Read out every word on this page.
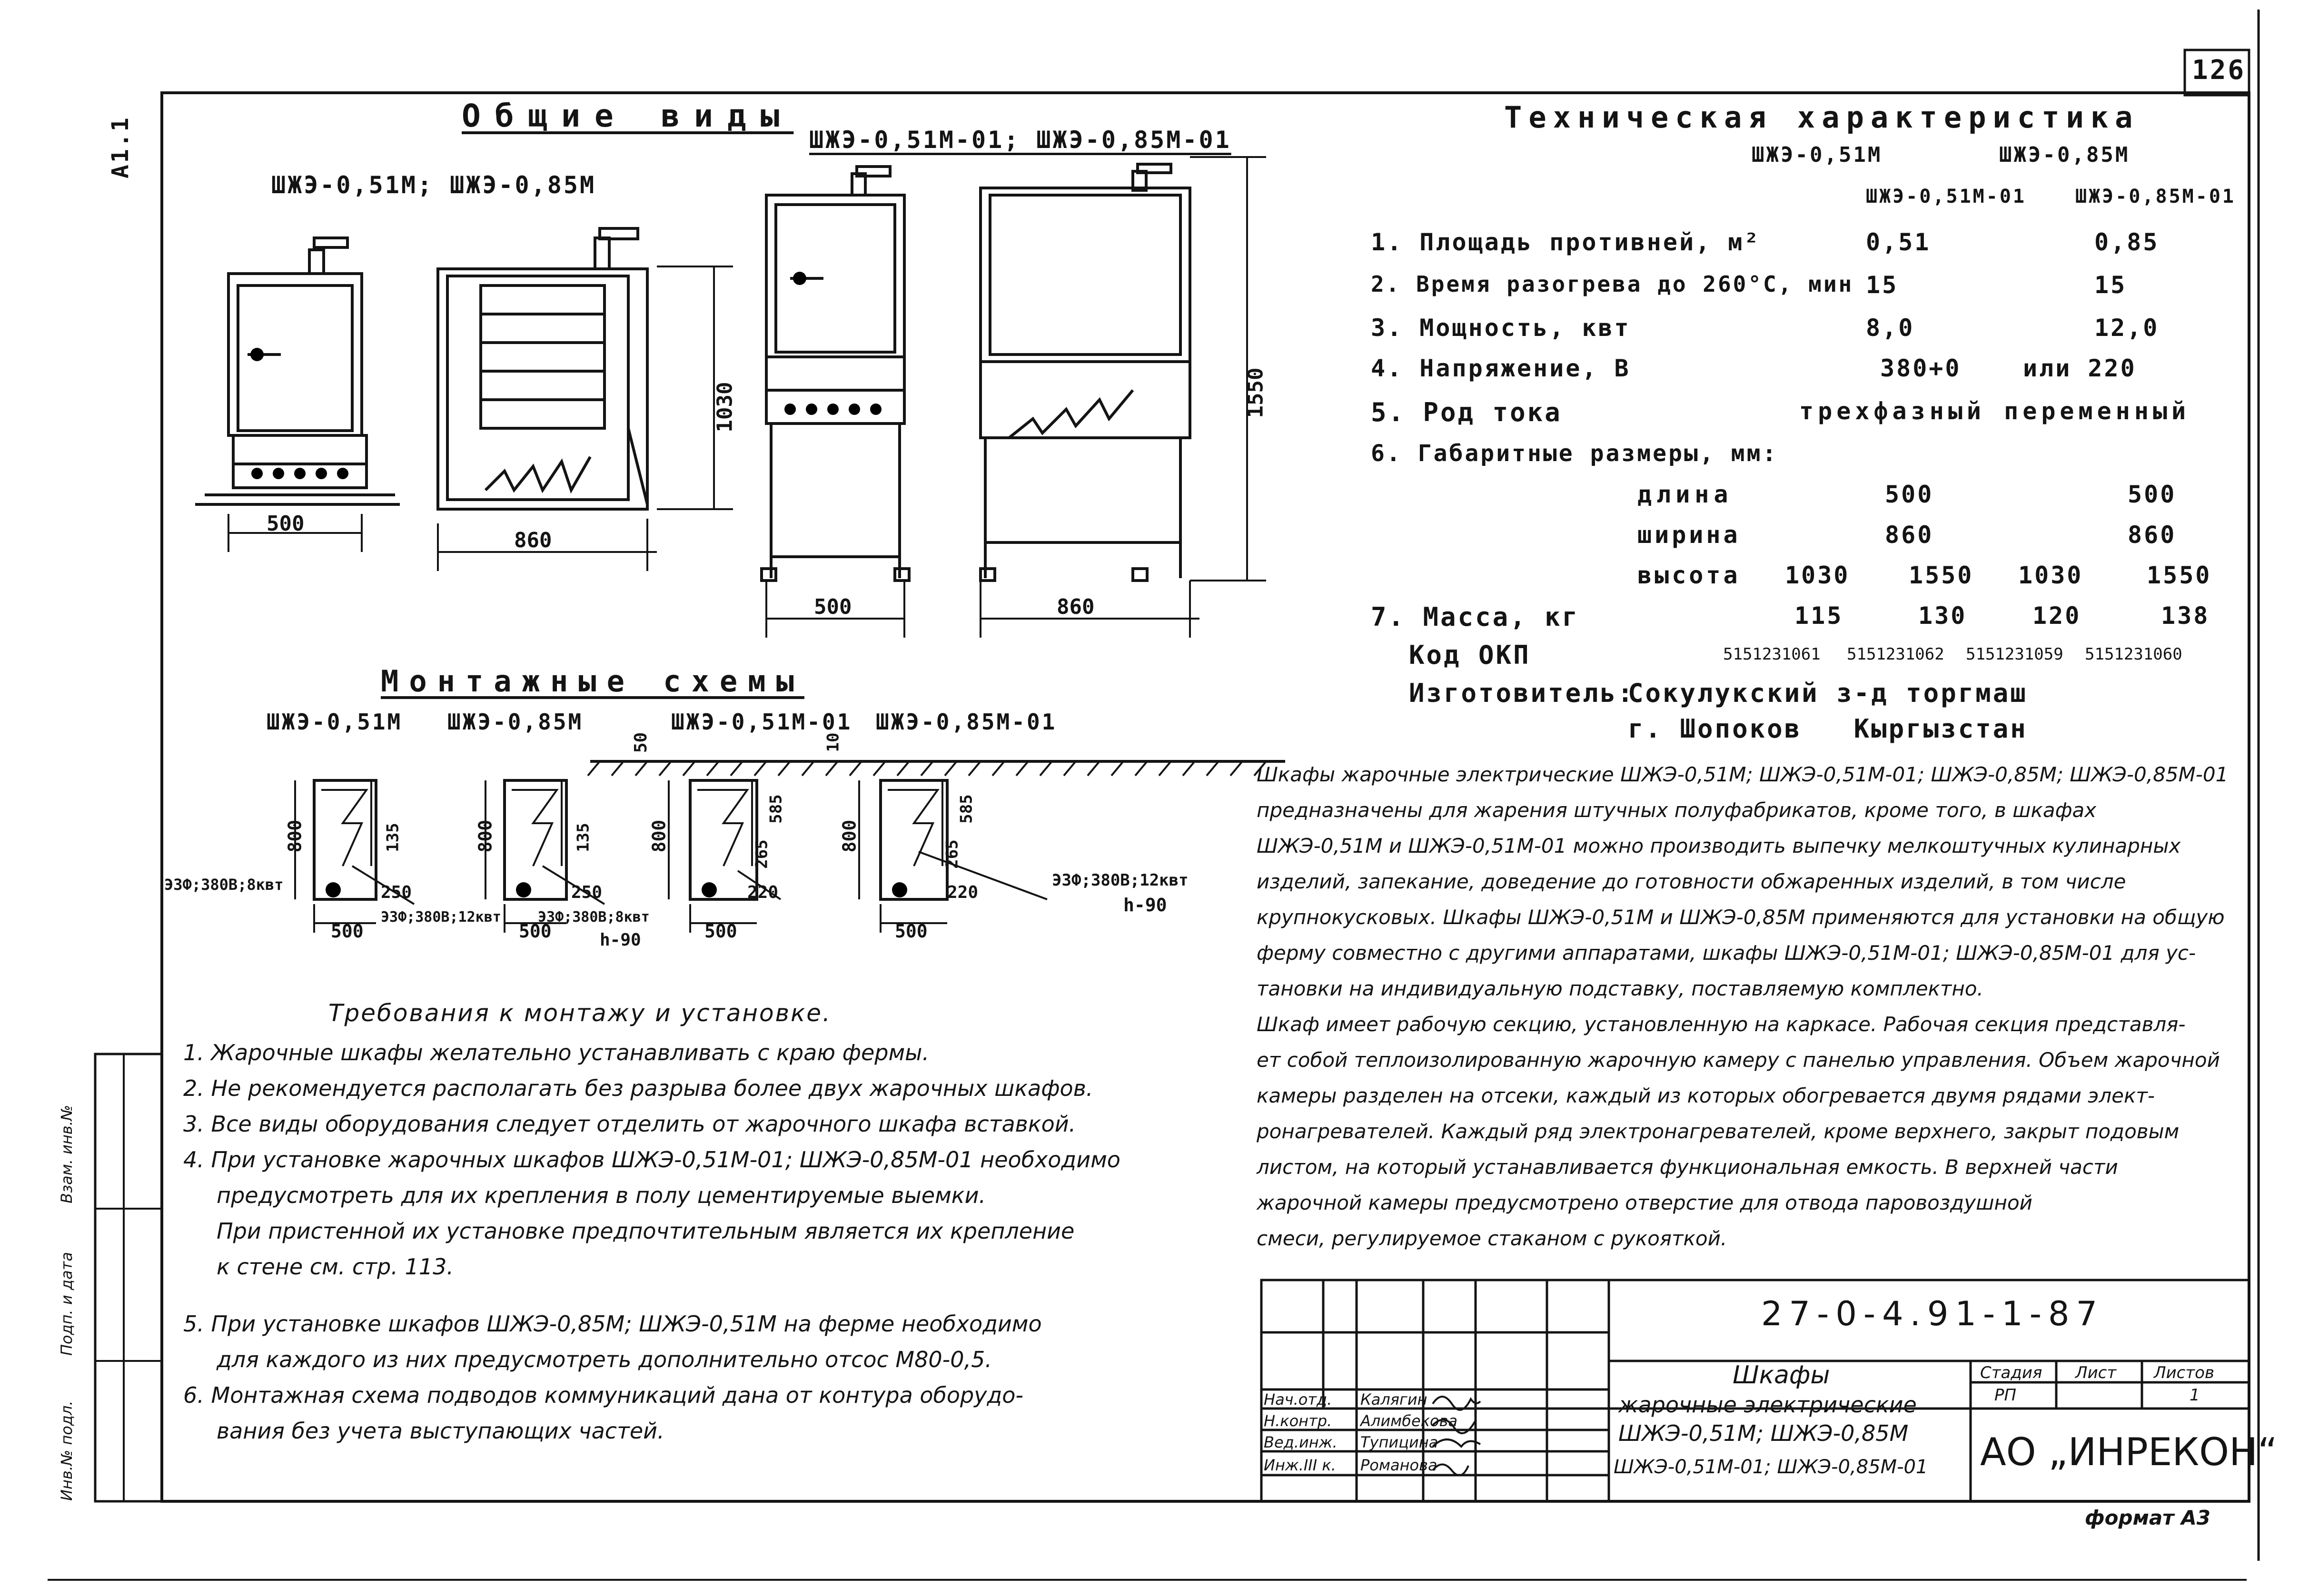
126
формат А3
А1.1
Инв.№ подл.
Подп. и дата
Взам. инв.№
Общие виды
ШЖЭ-0,51М; ШЖЭ-0,85М
ШЖЭ-0,51М-01; ШЖЭ-0,85М-01
500
860
1030
500	860
1550
Монтажные схемы
ШЖЭ-0,51М ШЖЭ-0,85М	ШЖЭ-0,51М-01 ШЖЭ-0,85М-01
800	135
250
500
800	135
250
500
50
800
265
585
220
500
10
800
265
585
220
500
ЭЗФ;380В;8квт
ЭЗФ;380В;12квт	ЭЗФ;380В;8квт
h-90
ЭЗФ;380В;12квт
h-90
Требования к монтажу и установке.
1. Жарочные шкафы желательно устанавливать с краю фермы.
2. Не рекомендуется располагать без разрыва более двух жарочных шкафов.
3. Все виды оборудования следует отделить от жарочного шкафа вставкой.
4. При установке жарочных шкафов ШЖЭ-0,51М-01; ШЖЭ-0,85М-01 необходимо
предусмотреть для их крепления в полу цементируемые выемки.
При пристенной их установке предпочтительным является их крепление
к стене см. стр. 113.
5. При установке шкафов ШЖЭ-0,85М; ШЖЭ-0,51М на ферме необходимо
для каждого из них предусмотреть дополнительно отсос М80-0,5.
6. Монтажная схема подводов коммуникаций дана от контура оборудо-
вания без учета выступающих частей.
Техническая характеристика
ШЖЭ-0,51М	ШЖЭ-0,85М
ШЖЭ-0,51М-01	ШЖЭ-0,85М-01
1. Площадь противней, м²	0,51	0,85
2. Время разогрева до 260°С, мин 15	15
3. Мощность, квт	8,0	12,0
4. Напряжение, В	380+0	или 220
5. Род тока	трехфазный переменный
6. Габаритные размеры, мм:
длина	500	500
ширина	860	860
высота 1030 1550 1030	1550
7. Масса, кг	115	130	120	138
Код ОКП	5151231061 5151231062 5151231059 5151231060
Изготовитель:
Сокулукский з-д торгмаш
г. Шопоков   Кыргызстан
Шкафы жарочные электрические ШЖЭ-0,51М; ШЖЭ-0,51М-01; ШЖЭ-0,85М; ШЖЭ-0,85М-01
предназначены для жарения штучных полуфабрикатов, кроме того, в шкафах
ШЖЭ-0,51М и ШЖЭ-0,51М-01 можно производить выпечку мелкоштучных кулинарных
изделий, запекание, доведение до готовности обжаренных изделий, в том числе
крупнокусковых. Шкафы ШЖЭ-0,51М и ШЖЭ-0,85М применяются для установки на общую
ферму совместно с другими аппаратами, шкафы ШЖЭ-0,51М-01; ШЖЭ-0,85М-01 для ус-
тановки на индивидуальную подставку, поставляемую комплектно.
Шкаф имеет рабочую секцию, установленную на каркасе. Рабочая секция представля-
ет собой теплоизолированную жарочную камеру с панелью управления. Объем жарочной
камеры разделен на отсеки, каждый из которых обогревается двумя рядами элект-
ронагревателей. Каждый ряд электронагревателей, кроме верхнего, закрыт подовым
листом, на который устанавливается функциональная емкость. В верхней части
жарочной камеры предусмотрено отверстие для отвода паровоздушной
смеси, регулируемое стаканом с рукояткой.
27-0-4.91-1-87
Шкафы
жарочные электрические
ШЖЭ-0,51М; ШЖЭ-0,85М
ШЖЭ-0,51М-01; ШЖЭ-0,85М-01
Стадия
РП
Лист Листов
1
АО „ИНРЕКОН“
Нач.отд. Калягин
Н.контр. Алимбекова
Вед.инж. Тупицина
Инж.III к. Романова
